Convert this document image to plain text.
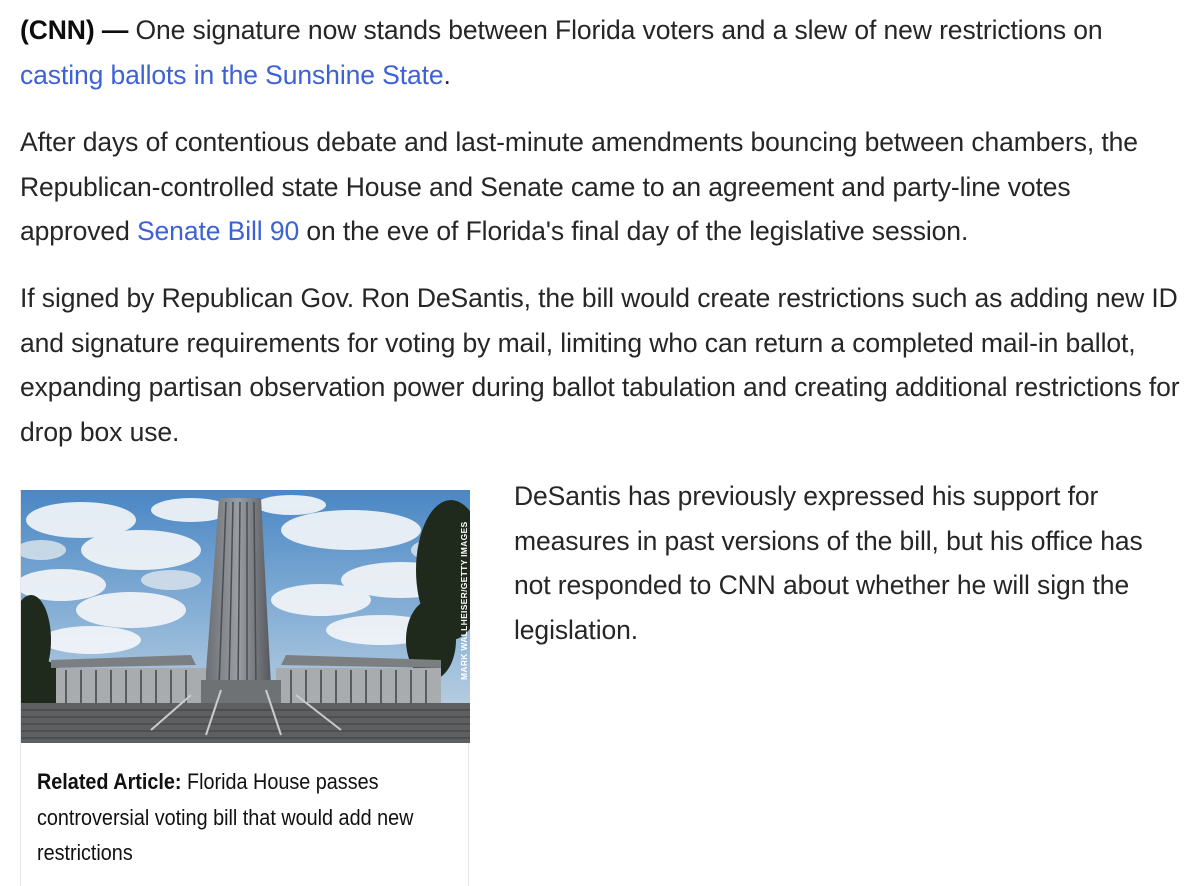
(CNN) — One signature now stands between Florida voters and a slew of new restrictions on casting ballots in the Sunshine State.

After days of contentious debate and last-minute amendments bouncing between chambers, the Republican-controlled state House and Senate came to an agreement and party-line votes approved Senate Bill 90 on the eve of Florida's final day of the legislative session.

If signed by Republican Gov. Ron DeSantis, the bill would create restrictions such as adding new ID and signature requirements for voting by mail, limiting who can return a completed mail-in ballot, expanding partisan observation power during ballot tabulation and creating additional restrictions for drop box use.

MARK WALLHEISER/GETTY IMAGES

Related Article: Florida House passes controversial voting bill that would add new restrictions

DeSantis has previously expressed his support for measures in past versions of the bill, but his office has not responded to CNN about whether he will sign the legislation.
